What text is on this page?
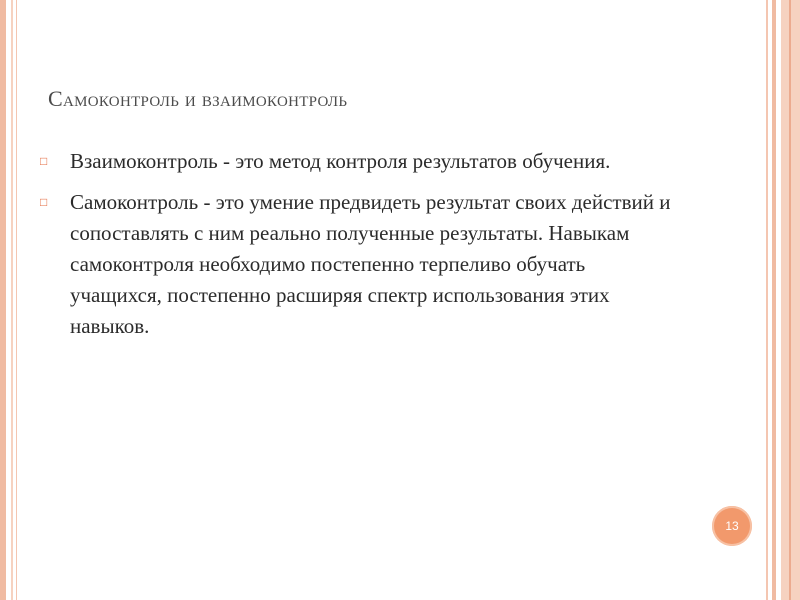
Самоконтроль и взаимоконтроль
□	Взаимоконтроль - это метод контроля результатов обучения.
□	Самоконтроль - это умение предвидеть результат своих действий и сопоставлять с ним реально полученные результаты. Навыкам самоконтроля необходимо постепенно терпеливо обучать учащихся, постепенно расширяя спектр использования этих навыков.
13
